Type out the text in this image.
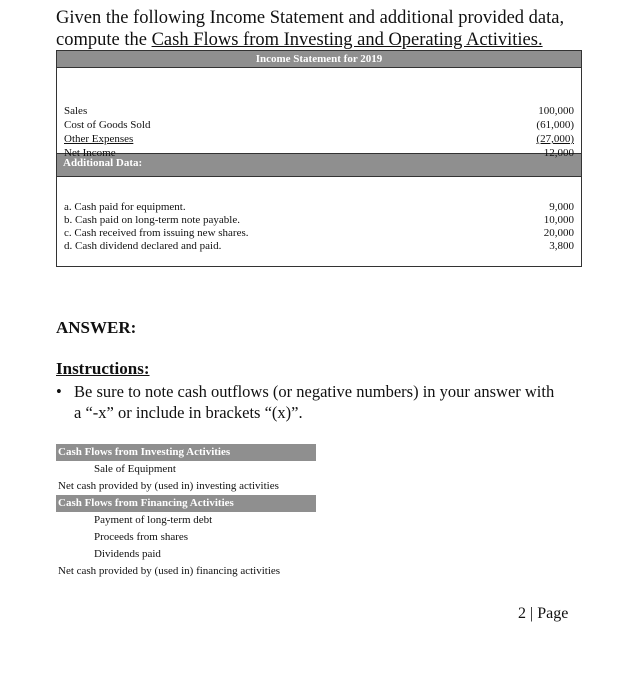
Given the following Income Statement and additional provided data,
compute the Cash Flows from Investing and Operating Activities.
Income Statement for 2019
Sales
Cost of Goods Sold
Other Expenses
Net Income
100,000
(61,000)
(27,000)
12,000
Additional Data:
a. Cash paid for equipment.
b. Cash paid on long-term note payable.
c. Cash received from issuing new shares.
d. Cash dividend declared and paid.
9,000
10,000
20,000
3,800
ANSWER:
Instructions:
• Be sure to note cash outflows (or negative numbers) in your answer with
a “-x” or include in brackets “(x)”.
Cash Flows from Investing Activities
Sale of Equipment
Net cash provided by (used in) investing activities
Cash Flows from Financing Activities
Payment of long-term debt
Proceeds from shares
Dividends paid
Net cash provided by (used in) financing activities
2 | Page
